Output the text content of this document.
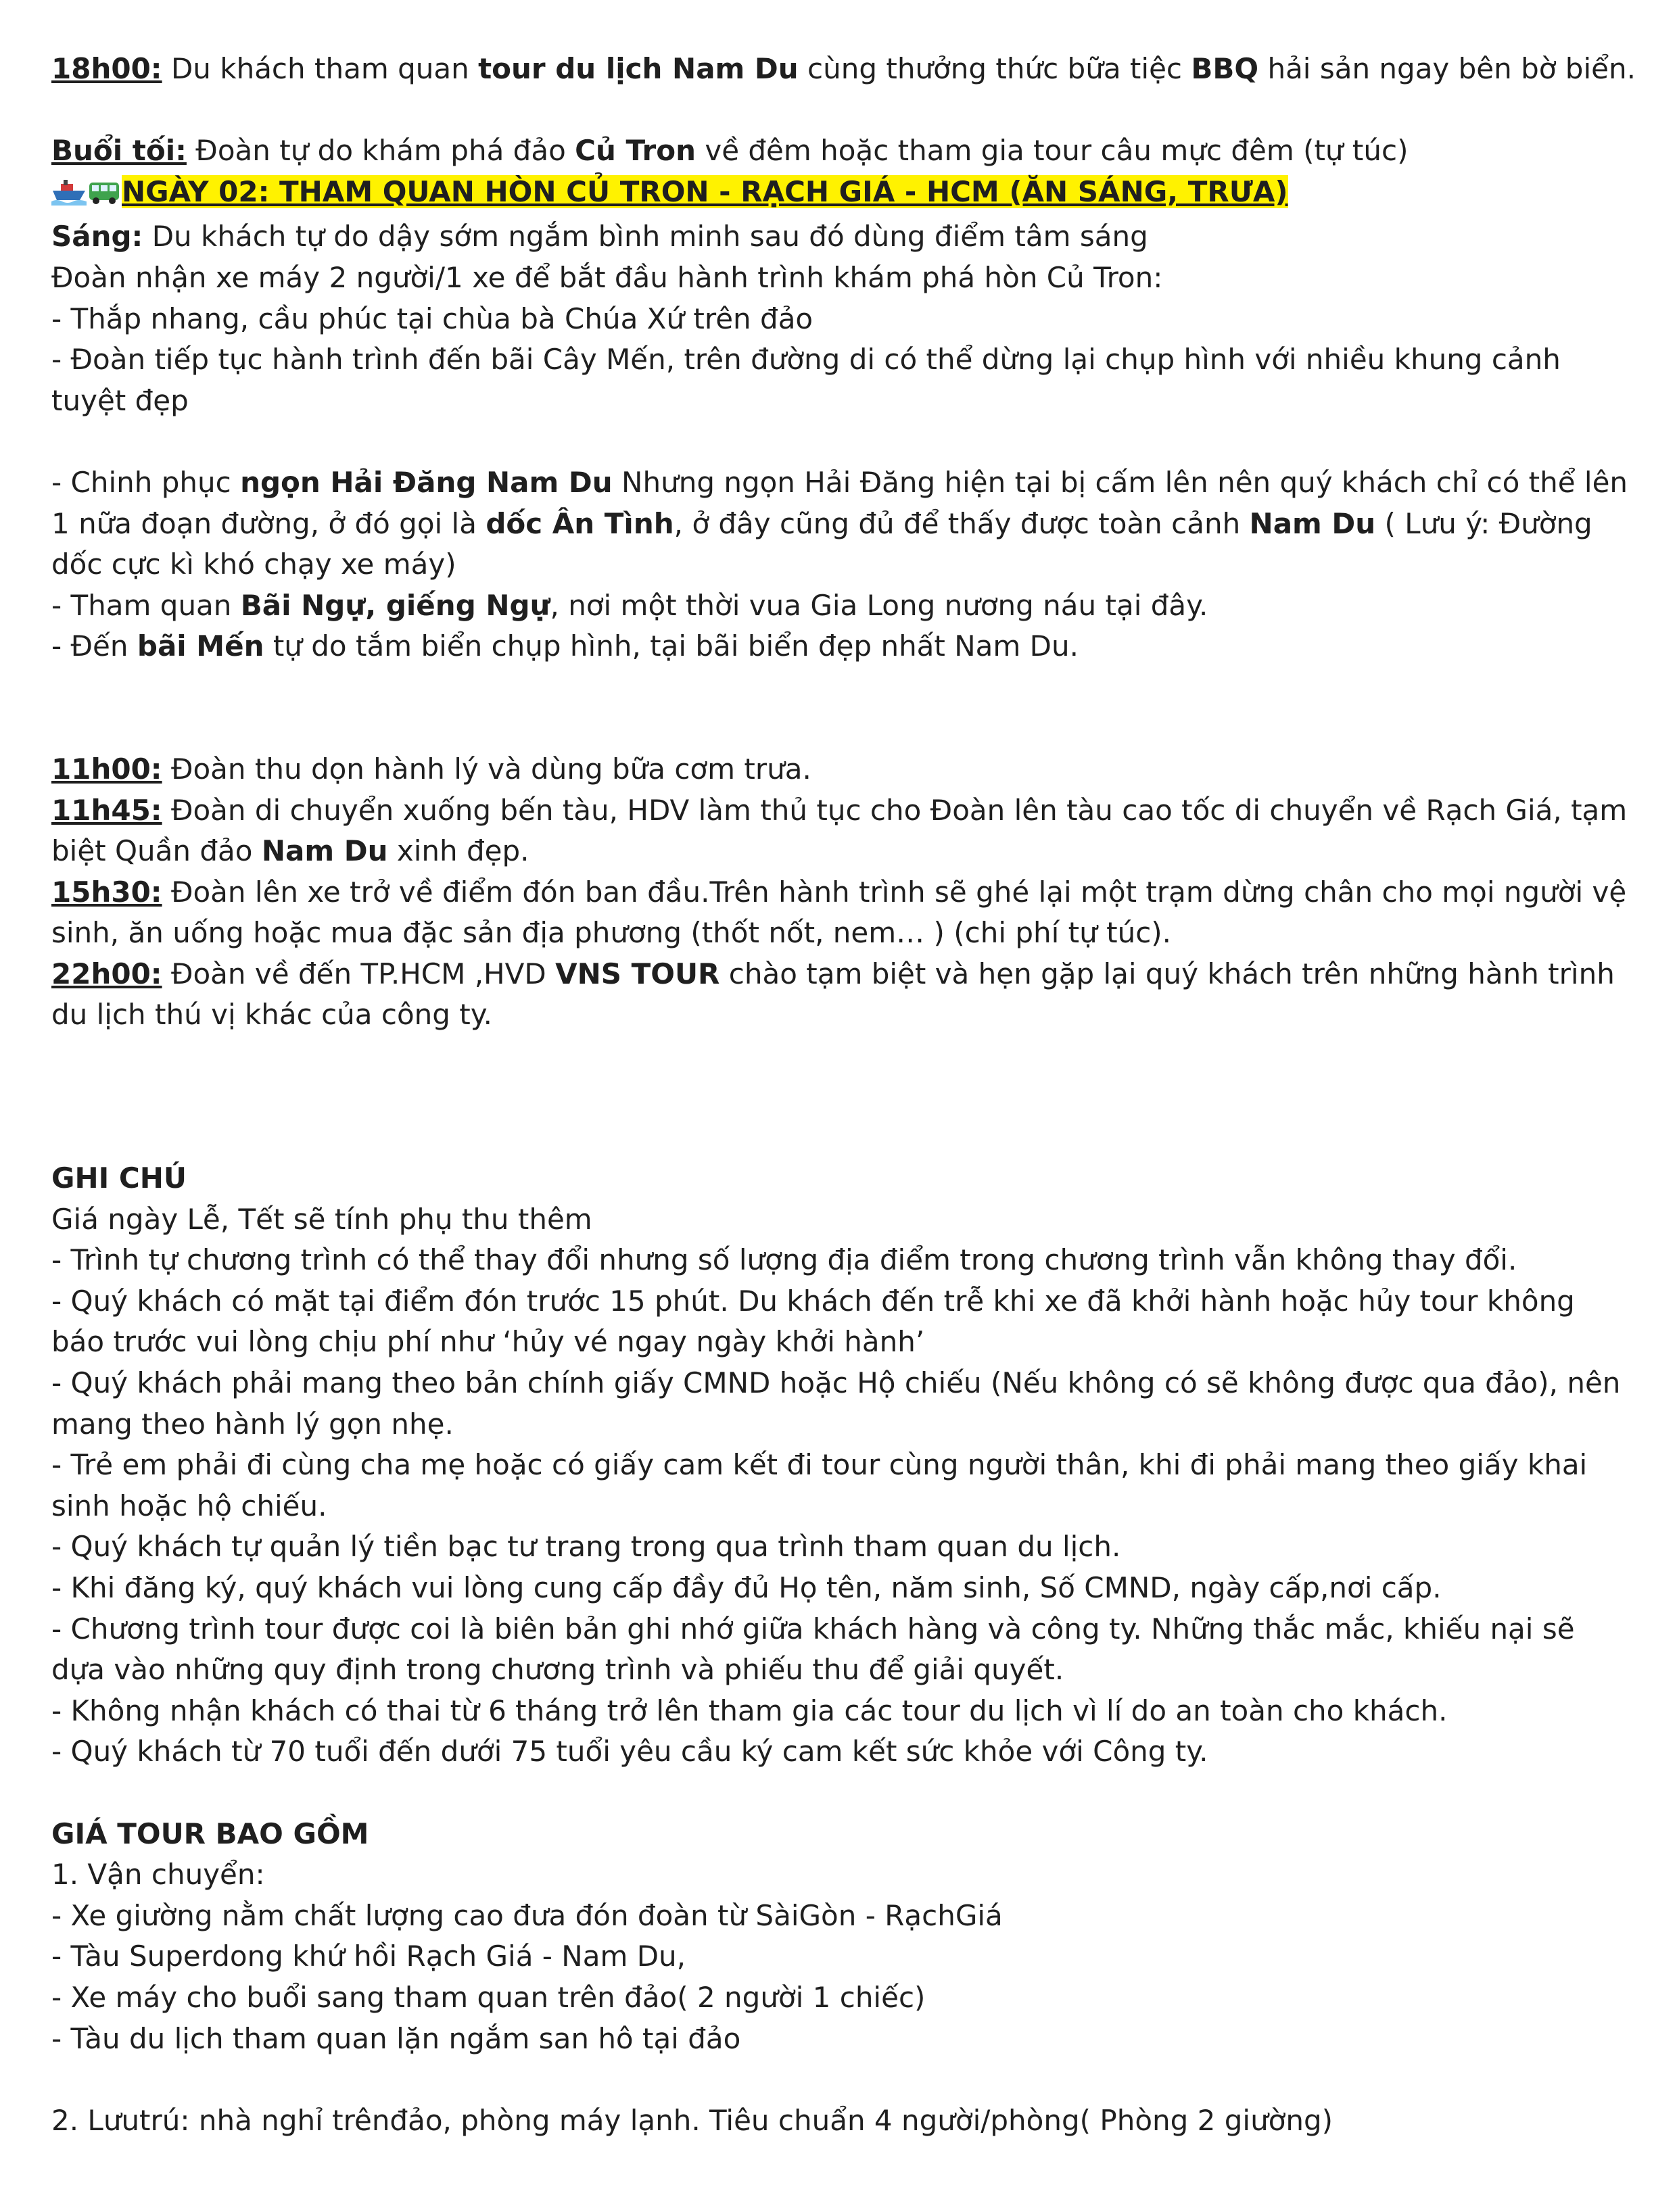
18h00: Du khách tham quan tour du lịch Nam Du cùng thưởng thức bữa tiệc BBQ hải sản ngay bên bờ biển.

Buổi tối: Đoàn tự do khám phá đảo Củ Tron về đêm hoặc tham gia tour câu mực đêm (tự túc)

NGÀY 02: THAM QUAN HÒN CỦ TRON - RẠCH GIÁ - HCM (ĂN SÁNG, TRƯA)

Sáng: Du khách tự do dậy sớm ngắm bình minh sau đó dùng điểm tâm sáng

Đoàn nhận xe máy 2 người/1 xe để bắt đầu hành trình khám phá hòn Củ Tron:

- Thắp nhang, cầu phúc tại chùa bà Chúa Xứ trên đảo

- Đoàn tiếp tục hành trình đến bãi Cây Mến, trên đường di có thể dừng lại chụp hình với nhiều khung cảnh tuyệt đẹp

- Chinh phục ngọn Hải Đăng Nam Du Nhưng ngọn Hải Đăng hiện tại bị cấm lên nên quý khách chỉ có thể lên 1 nữa đoạn đường, ở đó gọi là dốc Ân Tình, ở đây cũng đủ để thấy được toàn cảnh Nam Du ( Lưu ý: Đường dốc cực kì khó chạy xe máy)

- Tham quan Bãi Ngự, giếng Ngự, nơi một thời vua Gia Long nương náu tại đây.

- Đến bãi Mến tự do tắm biển chụp hình, tại bãi biển đẹp nhất Nam Du.

11h00: Đoàn thu dọn hành lý và dùng bữa cơm trưa.

11h45: Đoàn di chuyển xuống bến tàu, HDV làm thủ tục cho Đoàn lên tàu cao tốc di chuyển về Rạch Giá, tạm biệt Quần đảo Nam Du xinh đẹp.

15h30: Đoàn lên xe trở về điểm đón ban đầu.Trên hành trình sẽ ghé lại một trạm dừng chân cho mọi người vệ sinh, ăn uống hoặc mua đặc sản địa phương (thốt nốt, nem… ) (chi phí tự túc).

22h00: Đoàn về đến TP.HCM ,HVD VNS TOUR chào tạm biệt và hẹn gặp lại quý khách trên những hành trình du lịch thú vị khác của công ty.

GHI CHÚ

Giá ngày Lễ, Tết sẽ tính phụ thu thêm

- Trình tự chương trình có thể thay đổi nhưng số lượng địa điểm trong chương trình vẫn không thay đổi.

- Quý khách có mặt tại điểm đón trước 15 phút. Du khách đến trễ khi xe đã khởi hành hoặc hủy tour không báo trước vui lòng chịu phí như ‘hủy vé ngay ngày khởi hành’

- Quý khách phải mang theo bản chính giấy CMND hoặc Hộ chiếu (Nếu không có sẽ không được qua đảo), nên mang theo hành lý gọn nhẹ.

- Trẻ em phải đi cùng cha mẹ hoặc có giấy cam kết đi tour cùng người thân, khi đi phải mang theo giấy khai sinh hoặc hộ chiếu.

- Quý khách tự quản lý tiền bạc tư trang trong qua trình tham quan du lịch.

- Khi đăng ký, quý khách vui lòng cung cấp đầy đủ Họ tên, năm sinh, Số CMND, ngày cấp,nơi cấp.

- Chương trình tour được coi là biên bản ghi nhớ giữa khách hàng và công ty. Những thắc mắc, khiếu nại sẽ dựa vào những quy định trong chương trình và phiếu thu để giải quyết.

- Không nhận khách có thai từ 6 tháng trở lên tham gia các tour du lịch vì lí do an toàn cho khách.

- Quý khách từ 70 tuổi đến dưới 75 tuổi yêu cầu ký cam kết sức khỏe với Công ty.

GIÁ TOUR BAO GỒM

1. Vận chuyển:

- Xe giường nằm chất lượng cao đưa đón đoàn từ SàiGòn - RạchGiá

- Tàu Superdong khứ hồi Rạch Giá - Nam Du,

- Xe máy cho buổi sang tham quan trên đảo( 2 người 1 chiếc)

- Tàu du lịch tham quan lặn ngắm san hô tại đảo

2. Lưutrú: nhà nghỉ trênđảo, phòng máy lạnh. Tiêu chuẩn 4 người/phòng( Phòng 2 giường)
